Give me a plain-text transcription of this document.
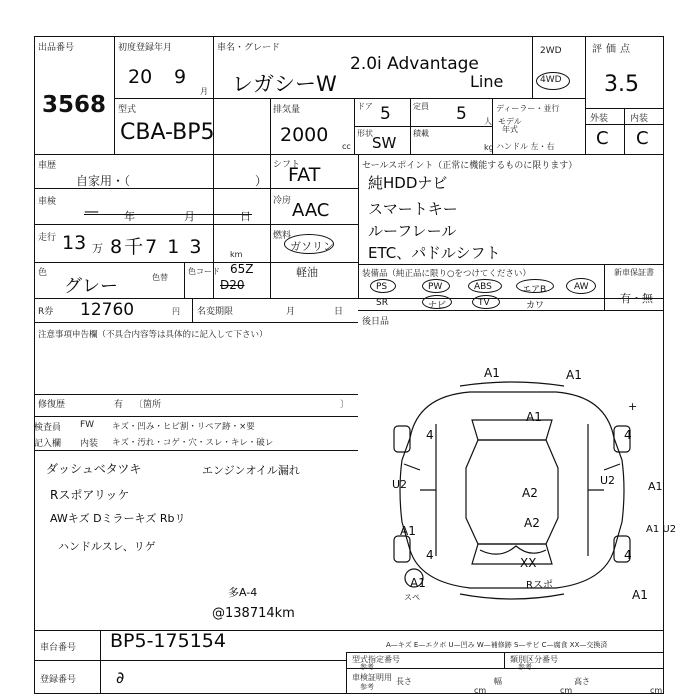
出品番号
3568
初度登録年月
20 9
月
車名・グレード
レガシーW
2.0i Advantage
Line
2WD
4WD
評価点
3.5
外装 内装
C C
型式
CBA-BP5
排気量
2000
cc
ドア 5	定員 5 人
形状
SW
積載
kg
ディーラー・並行
年式
モデル
ハンドル 左・右
車歴
自家用・（	）
車検 — 年	月	日
シフト
FAT
冷房 AAC
走行 13 万 8千7 1 3	km
燃料
ガソリン
軽油
色
グレー	色替
色コード 65Z
D20
セールスポイント（正常に機能するものに限ります）
純HDDナビ
スマートキー
ルーフレール
ETC、パドルシフト
装備品（純正品に限り○をつけてください）	新車保証書
有・無
PS	PW	ABS	エアB	AW
SR	ナビ	TV	カワ
R券 12760	円 名変期限	月	日
後日品
注意事項申告欄（不具合内容等は具体的に記入して下さい）
修復歴	有 〔箇所	〕
検査員
記入欄
FW キズ・凹み・ヒビ割・リペア跡・×要
内装 キズ・汚れ・コゲ・穴・スレ・キレ・破レ
ダッシュベタツキ
Rスポアリッケ
AWキズ Dミラーキズ Rbリ
ハンドルスレ、リゲ
エンジンオイル漏れ
多A-4
@138714km
A1	A1
A1
A2
A1
A2
XX
A1
U2	U2	A1
A1 U2
A1
4	4
4	4
スペ
Rスポ
+
A—キズ E—エクボ U—凹み W—補修跡 S—サビ C—腐食 XX—交換済
車台番号 BP5-175154
登録番号 ∂
型式指定番号
参考
類別区分番号
参考
車検証明用
参考
長さ
cm
幅
cm
高さ
cm
